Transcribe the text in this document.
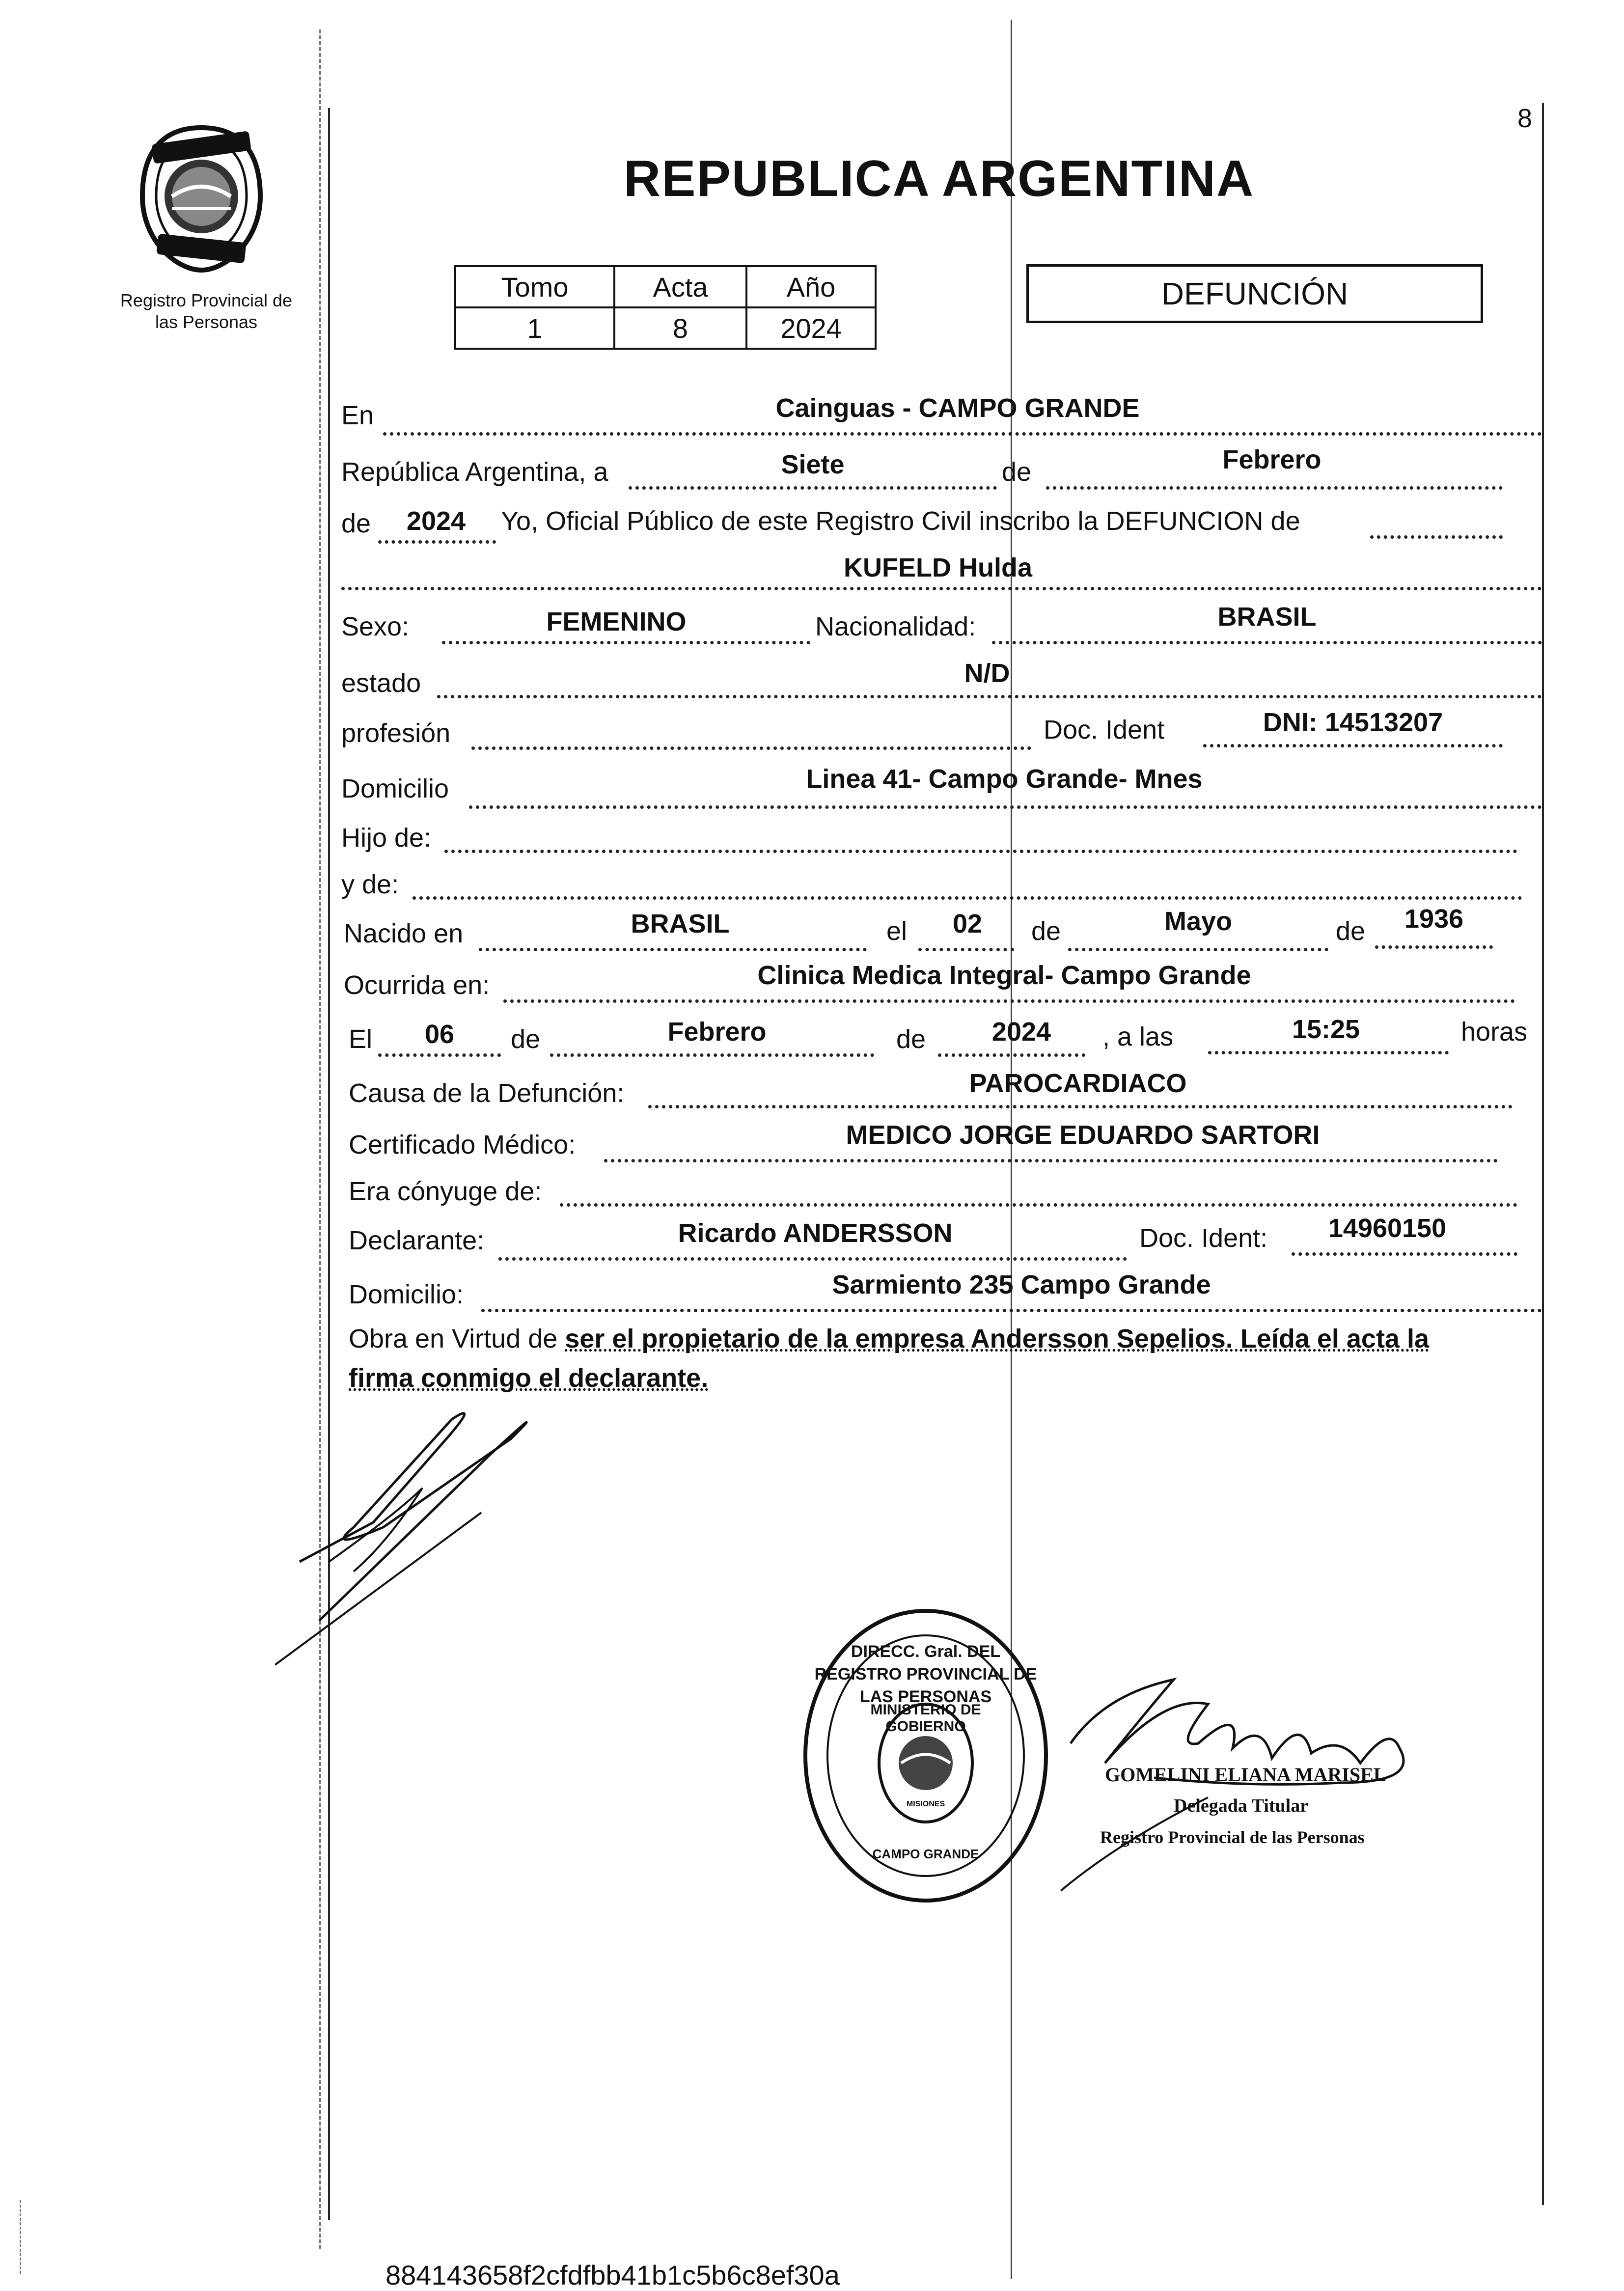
Registro Provincial de
las Personas
8
REPUBLICA ARGENTINA
Tomo	Acta	Año
1	8	2024
DEFUNCIÓN
En	Cainguas - CAMPO GRANDE
República Argentina, a	Siete	de	Febrero
de 2024 Yo, Oficial Público de este Registro Civil inscribo la DEFUNCION de
KUFELD Hulda
Sexo:	FEMENINO	Nacionalidad:	BRASIL
estado	N/D
profesión	Doc. Ident	DNI: 14513207
Domicilio	Linea 41- Campo Grande- Mnes
Hijo de:
y de:
Nacido en	BRASIL	el 02 de	Mayo	de 1936
Ocurrida en:	Clinica Medica Integral- Campo Grande
El 06 de	Febrero	de 2024 , a las	15:25	horas
Causa de la Defunción:	PAROCARDIACO
Certificado Médico:	MEDICO JORGE EDUARDO SARTORI
Era cónyuge de:
Declarante:	Ricardo ANDERSSON	Doc. Ident: 14960150
Domicilio:	Sarmiento 235 Campo Grande
Obra en Virtud de ser el propietario de la empresa Andersson Sepelios. Leída el acta la
firma conmigo el declarante.
DIRECC. Gral. DEL REGISTRO PROVINCIAL DE LAS PERSONAS
MINISTERIO DE GOBIERNO
MISIONES
CAMPO GRANDE
GOMELINI ELIANA MARISEL
Delegada Titular
Registro Provincial de las Personas
884143658f2cfdfbb41b1c5b6c8ef30a
